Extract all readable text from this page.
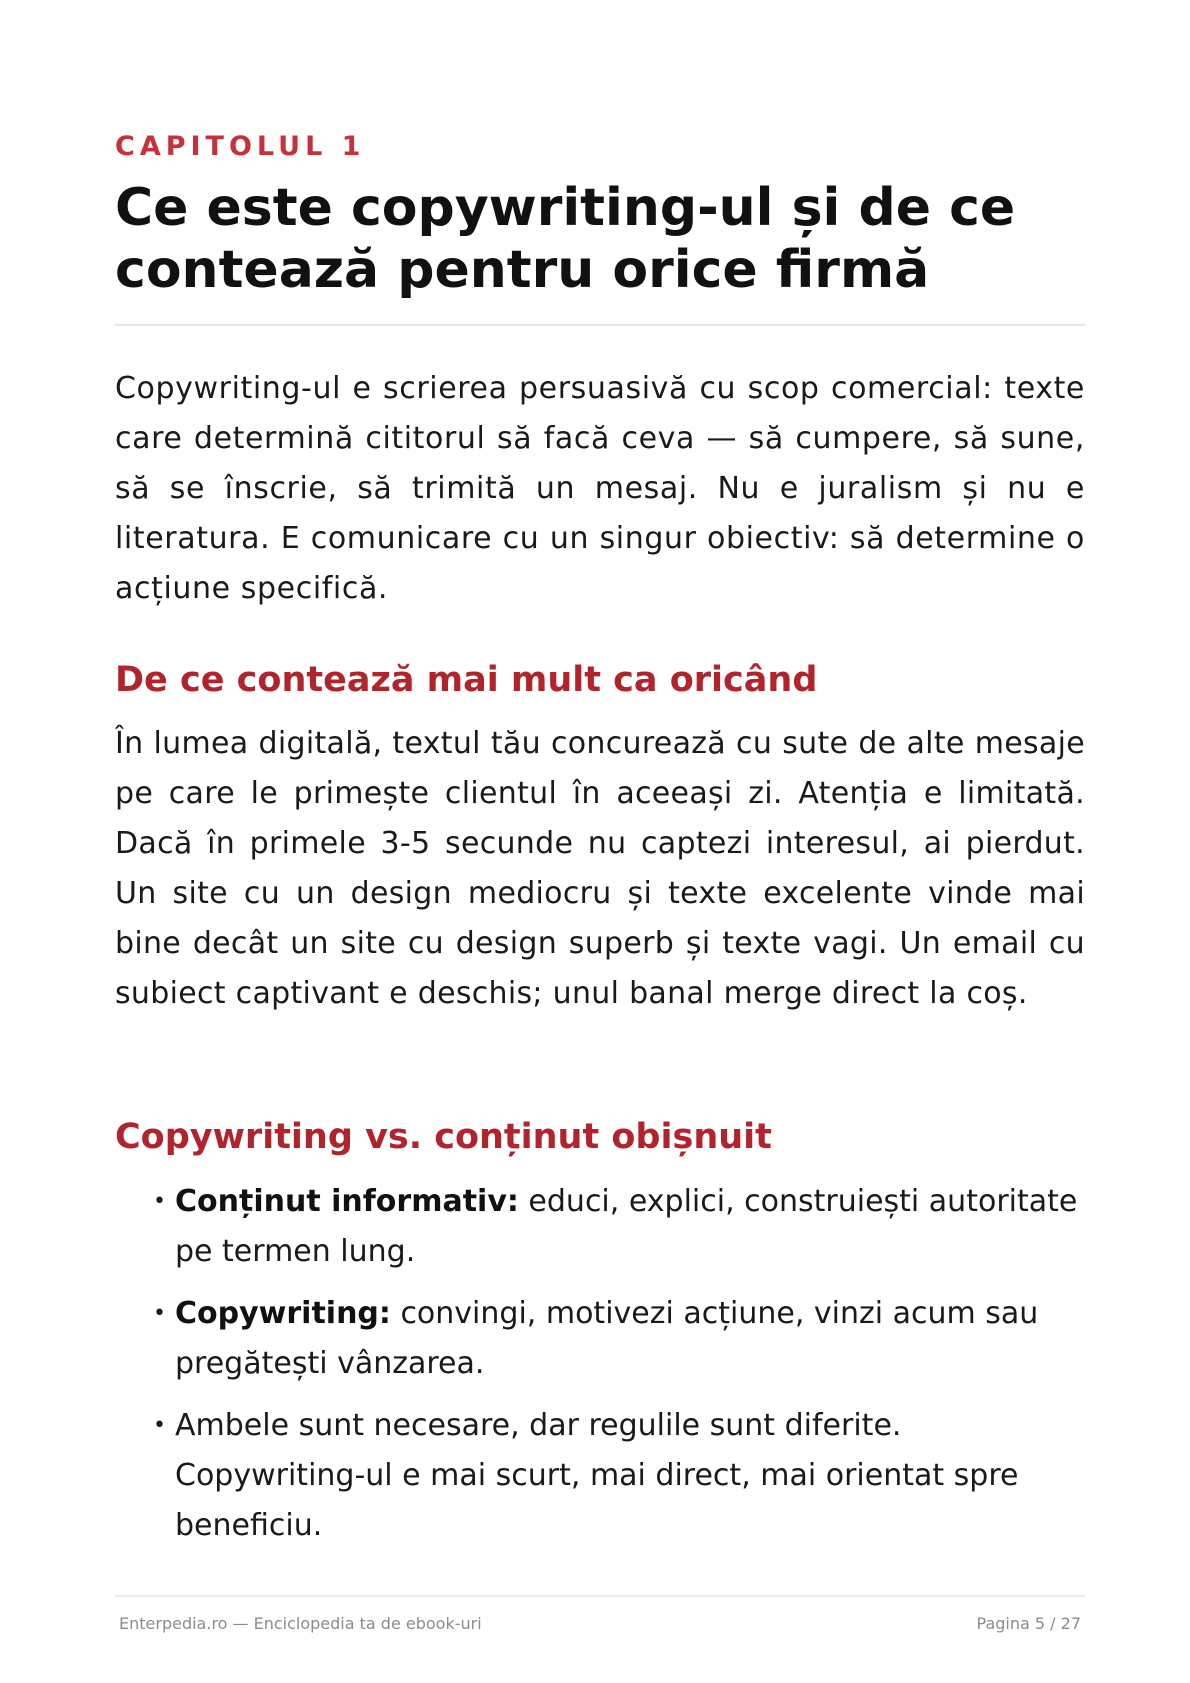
CAPITOLUL 1
Ce este copywriting-ul și de ce contează pentru orice firmă

Copywriting-ul e scrierea persuasivă cu scop comercial: texte care determină cititorul să facă ceva — să cumpere, să sune, să se înscrie, să trimită un mesaj. Nu e juralism și nu e literatura. E comunicare cu un singur obiectiv: să determine o acțiune specifică.

De ce contează mai mult ca oricând

În lumea digitală, textul tău concurează cu sute de alte mesaje pe care le primește clientul în aceeași zi. Atenția e limitată. Dacă în primele 3-5 secunde nu captezi interesul, ai pierdut. Un site cu un design mediocru și texte excelente vinde mai bine decât un site cu design superb și texte vagi. Un email cu subiect captivant e deschis; unul banal merge direct la coș.

Copywriting vs. conținut obișnuit
• Conținut informativ: educi, explici, construiești autoritate pe termen lung.
• Copywriting: convingi, motivezi acțiune, vinzi acum sau pregătești vânzarea.
• Ambele sunt necesare, dar regulile sunt diferite. Copywriting-ul e mai scurt, mai direct, mai orientat spre beneficiu.
Enterpedia.ro — Enciclopedia ta de ebook-uri	Pagina 5 / 27
